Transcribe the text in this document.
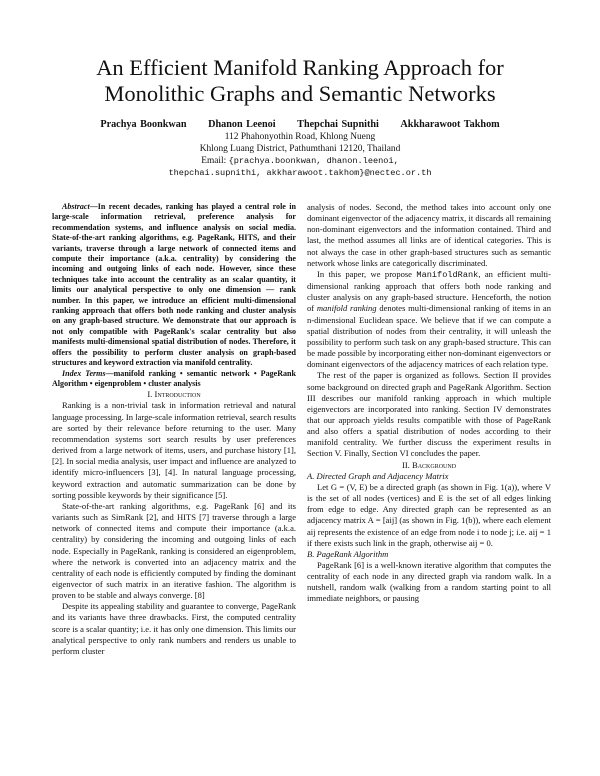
An Efficient Manifold Ranking Approach for
Monolithic Graphs and Semantic Networks
Prachya Boonkwan Dhanon Leenoi Thepchai Supnithi Akkharawoot Takhom
112 Phahonyothin Road, Khlong Nueng
Khlong Luang District, Pathumthani 12120, Thailand
Email: {prachya.boonkwan, dhanon.leenoi,
thepchai.supnithi, akkharawoot.takhom}@nectec.or.th

Abstract—In recent decades, ranking has played a central role in large-scale information retrieval, preference analysis for recommendation systems, and influence analysis on social media. State-of-the-art ranking algorithms, e.g. PageRank, HITS, and their variants, traverse through a large network of connected items and compute their importance (a.k.a. centrality) by considering the incoming and outgoing links of each node. However, since these techniques take into account the centrality as an scalar quantity, it limits our analytical perspective to only one dimension — rank number. In this paper, we introduce an efficient multi-dimensional ranking approach that offers both node ranking and cluster analysis on any graph-based structure. We demonstrate that our approach is not only compatible with PageRank's scalar centrality but also manifests multi-dimensional spatial distribution of nodes. Therefore, it offers the possibility to perform cluster analysis on graph-based structures and keyword extraction via manifold centrality.

Index Terms—manifold ranking • semantic network • PageRank Algorithm • eigenproblem • cluster analysis

I. Introduction

Ranking is a non-trivial task in information retrieval and natural language processing. In large-scale information retrieval, search results are sorted by their relevance before returning to the user. Many recommendation systems sort search results by user preferences derived from a large network of items, users, and purchase history [1], [2]. In social media analysis, user impact and influence are analyzed to identify micro-influencers [3], [4]. In natural language processing, keyword extraction and automatic summarization can be done by sorting possible keywords by their significance [5].

State-of-the-art ranking algorithms, e.g. PageRank [6] and its variants such as SimRank [2], and HITS [7] traverse through a large network of connected items and compute their importance (a.k.a. centrality) by considering the incoming and outgoing links of each node. Especially in PageRank, ranking is considered an eigenproblem, where the network is converted into an adjacency matrix and the centrality of each node is efficiently computed by finding the dominant eigenvector of such matrix in an iterative fashion. The algorithm is proven to be stable and always converge. [8]

Despite its appealing stability and guarantee to converge, PageRank and its variants have three drawbacks. First, the computed centrality score is a scalar quantity; i.e. it has only one dimension. This limits our analytical perspective to only rank numbers and renders us unable to perform cluster

analysis of nodes. Second, the method takes into account only one dominant eigenvector of the adjacency matrix, it discards all remaining non-dominant eigenvectors and the information contained. Third and last, the method assumes all links are of identical categories. This is not always the case in other graph-based structures such as semantic network whose links are categorically discriminated.

In this paper, we propose ManifoldRank, an efficient multi-dimensional ranking approach that offers both node ranking and cluster analysis on any graph-based structure. Henceforth, the notion of manifold ranking denotes multi-dimensional ranking of items in an n-dimensional Euclidean space. We believe that if we can compute a spatial distribution of nodes from their centrality, it will unleash the possibility to perform such task on any graph-based structure. This can be made possible by incorporating either non-dominant eigenvectors or dominant eigenvectors of the adjacency matrices of each relation type.

The rest of the paper is organized as follows. Section II provides some background on directed graph and PageRank Algorithm. Section III describes our manifold ranking approach in which multiple eigenvectors are incorporated into ranking. Section IV demonstrates that our approach yields results compatible with those of PageRank and also offers a spatial distribution of nodes according to their manifold centrality. We further discuss the experiment results in Section V. Finally, Section VI concludes the paper.

II. Background

A. Directed Graph and Adjacency Matrix

Let G = (V, E) be a directed graph (as shown in Fig. 1(a)), where V is the set of all nodes (vertices) and E is the set of all edges linking from edge to edge. Any directed graph can be represented as an adjacency matrix A = [aij] (as shown in Fig. 1(b)), where each element aij represents the existence of an edge from node i to node j; i.e. aij = 1 if there exists such link in the graph, otherwise aij = 0.

B. PageRank Algorithm

PageRank [6] is a well-known iterative algorithm that computes the centrality of each node in any directed graph via random walk. In a nutshell, random walk (walking from a random starting point to all immediate neighbors, or pausing
